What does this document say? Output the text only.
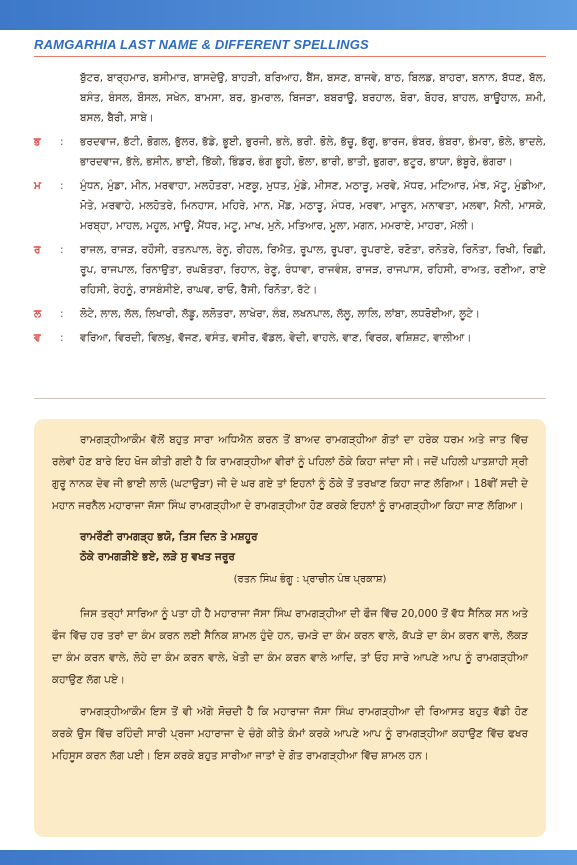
RAMGARHIA LAST NAME & DIFFERENT SPELLINGS
ਬੁੱਟਰ, ਬਾਰ੍ਹਮਾਰ, ਬਸੀਮਾਰ, ਬਾਸਦੇਉ, ਬਾਹੜੀ, ਬਰਿਆਹ, ਬੈਂਸ, ਬਸਣ, ਬਾਜਵੇ, ਬਾਠ, ਬਿਲਡ, ਬਾਹਰਾ, ਬਨਾਨ, ਬੱਧਣ, ਬੱਲ, ਬਸੰਤ, ਬੰਸਲ, ਬੌਸਲ, ਸਖੇਨ, ਬਾਮਸਾ, ਬਰ, ਬੁਮਰਾਲ, ਬਿਜੜਾ, ਬਬਰਾਊ, ਬਰਹਾਲ, ਬੋਰਾ, ਬੋਹਰ, ਬਾਹਲ, ਬਾਊਹਾਲ, ਸ਼ਮੀ, ਬਸਲ, ਬੈਰੀ, ਸਾਬੇ।
ਭ	: ਭਰਦਵਾਜ, ਭੱਟੀ, ਭੋਗਲ, ਭੁੱਲਰ, ਭੱਡੇ, ਭੂਈ, ਭੁਰਜੀ, ਭਲੇ, ਭਰੀ. ਭੋਲੇ, ਭੱਚੂ, ਭੱਗੂ, ਭਾਰਜ, ਭੰਬਰ, ਭੰਬਰਾ, ਭੰਮਰਾ, ਭੋਲੇ, ਭਾਦਲੇ, ਭਾਰਦਵਾਜ, ਭੱਲੇ, ਭਸੀਨ, ਭਾਈ, ਭਿੱਕੀ, ਭਿੰਡਰ, ਭੰਗ ਭੂਹੀ, ਭੋਲਾ, ਭਾਰੀ, ਭਾਤੀ, ਭੁਗਰਾ, ਭਟੂਰ, ਭਾਯਾ, ਭੰਬੂਰੇ, ਭੰਗਰਾ।
ਮ	: ਮੁੰਧਨ, ਮੁੰਡਾ, ਮੀਨ, ਮਰਵਾਹਾ, ਮਲਹੋਤਰਾ, ਮਣਕੂ, ਮੁਧਤ, ਮੁੰਡੇ, ਮੀਸਣ, ਮਠਾੜੂ, ਮਰਵੇ, ਮੱਧਰ, ਮਟਿਆਰ, ਮੰਝ, ਮੱਟੂ, ਮੁੰਡੀਆ, ਮੋਤੇ, ਮਰਵਾਹੇ, ਮਲਹੋਤਰੇ, ਮਿਨਹਾਸ, ਮਹਿਰੇ, ਮਾਨ, ਮੋਂਡ, ਮਠਾੜੂ, ਮੰਧਰ, ਮਰਵਾ, ਮਾਰੂਨ, ਮਨਾਵਤਾ, ਮਲਵਾ, ਮੈਨੀ, ਮਾਸਕੇ, ਮਰਬ੍ਹਾ, ਮਾਹਲ, ਮਹੂਲ, ਮਾਊ, ਮੈਂਧਰ, ਮਟੂ, ਮਾਖ, ਮੁਨੇ, ਮਤਿਆਰ, ਮੂਲਾ, ਮਗਨ, ਮਮਰਾਏ, ਮਾਹਰਾ, ਮੱਲੀ।
ਰ	: ਰਾਜਲ, ਰਾਜੜ, ਰਹੌਸੀ, ਰਤਨਪਾਲ, ਰੇਨੂ, ਰੀਹਲ, ਰਿਐਤ, ਰੂਪਾਲ, ਰੂਪਰਾ, ਰੂਪਰਾਏ, ਰਣੋਤਾ, ਰਨੋਤਰੇ, ਰਿਨੋਤਾ, ਰਿਖੀ, ਰਿਛੀ, ਰੂਪ, ਰਾਜਪਾਲ, ਰਿਨਾਉਤਾ, ਰਘਬੋਤਰਾ, ਰਿਹਾਨ, ਰੇਣੂ, ਰੰਧਾਵਾ, ਰਾਜਵੰਸ਼, ਰਾਜੜ, ਰਾਜਪਾਸ, ਰਹਿਸੀ, ਰਾਅਤ, ਰਣੀਆ, ਰਾਏ ਰਹਿਸੀ, ਰੇਹਨੂੰ, ਰਾਸਬੰਸੀਏ, ਰਾਘਵ, ਰਾਓ, ਰੈਸੀ, ਰਿਨੋਤਾ, ਰੱਟੇ।
ਲ	: ਲੋਟੇ, ਲਾਲ, ਲੱਲ, ਲਿਖਾਰੀ, ਲੱਡੂ, ਲਲੋਤਰਾ, ਲਾਖੇਰਾ, ਲੰਬ, ਲਖਨਪਾਲ, ਲੱਲੂ, ਲਾਲਿ, ਲਾਂਬਾ, ਲਧਰੋਈਆ, ਲੂਟੇ।
ਵ	: ਵਰਿਆ, ਵਿਰਦੀ, ਵਿਲਖੁ, ਵੱਜਣ, ਵਸੰਤ, ਵਸੀਰ, ਵੱਡਲ, ਵੇਦੀ, ਵਾਹਲੇ, ਵਾਣ, ਵਿਰਕ, ਵਸ਼ਿਸ਼ਟ, ਵਾਲੀਆ।

ਰਾਮਗੜ੍ਹੀਆਕੌਮ ਵੱਲੋਂ ਬਹੁਤ ਸਾਰਾ ਅਧਿਐਨ ਕਰਨ ਤੋਂ ਬਾਅਦ ਰਾਮਗੜ੍ਹੀਆ ਗੋਤਾਂ ਦਾ ਹਰੇਕ ਧਰਮ ਅਤੇ ਜਾਤ ਵਿੱਚ ਰਲੇਵਾਂ ਹੋਣ ਬਾਰੇ ਇਹ ਖੋਜ ਕੀਤੀ ਗਈ ਹੈ ਕਿ ਰਾਮਗੜ੍ਹੀਆ ਵੀਰਾਂ ਨੂੰ ਪਹਿਲਾਂ ਠੋਕੇ ਕਿਹਾ ਜਾਂਦਾ ਸੀ। ਜਦੋਂ ਪਹਿਲੀ ਪਾਤਸ਼ਾਹੀ ਸ੍ਰੀ ਗੁਰੂ ਨਾਨਕ ਦੇਵ ਜੀ ਭਾਈ ਲਾਲੋ (ਘਟਾਉੜਾ) ਜੀ ਦੇ ਘਰ ਗਏ ਤਾਂ ਇਹਨਾਂ ਨੂੰ ਠੋਕੇ ਤੋਂ ਤਰਖਾਣ ਕਿਹਾ ਜਾਣ ਲੱਗਿਆ। 18ਵੀਂ ਸਦੀ ਦੇ ਮਹਾਨ ਜਰਨੈਲ ਮਹਾਰਾਜਾ ਜੱਸਾ ਸਿੰਘ ਰਾਮਗੜ੍ਹੀਆ ਦੇ ਰਾਮਗੜ੍ਹੀਆ ਹੋਣ ਕਰਕੇ ਇਹਨਾਂ ਨੂੰ ਰਾਮਗੜ੍ਹੀਆ ਕਿਹਾ ਜਾਣ ਲੱਗਿਆ।

ਰਾਮਰੌਣੀ ਰਾਮਗੜ੍ਹ ਭਯੋ, ਤਿਸ ਦਿਨ ਤੇ ਮਸ਼ਹੂਰ
ਠੋਕੇ ਰਾਮਗੜੀਏ ਭਏ, ਲੜੇ ਸੁ ਵਖਤ ਜਰੂਰ
(ਰਤਨ ਸਿੰਘ ਭੰਗੂ : ਪ੍ਰਾਚੀਨ ਪੰਥ ਪ੍ਰਕਾਸ਼)

ਜਿਸ ਤਰ੍ਹਾਂ ਸਾਰਿਆ ਨੂੰ ਪਤਾ ਹੀ ਹੈ ਮਹਾਰਾਜਾ ਜੱਸਾ ਸਿੰਘ ਰਾਮਗੜ੍ਹੀਆ ਦੀ ਫੌਜ ਵਿੱਚ 20,000 ਤੋਂ ਵੱਧ ਸੈਨਿਕ ਸਨ ਅਤੇ ਫੌਜ ਵਿੱਚ ਹਰ ਤਰਾਂ ਦਾ ਕੰਮ ਕਰਨ ਲਈ ਸੈਨਿਕ ਸ਼ਾਮਲ ਹੁੰਦੇ ਹਨ, ਚਮੜੇ ਦਾ ਕੰਮ ਕਰਨ ਵਾਲੇ, ਕੱਪੜੇ ਦਾ ਕੰਮ ਕਰਨ ਵਾਲੇ, ਲੱਕੜ ਦਾ ਕੰਮ ਕਰਨ ਵਾਲੇ, ਲੋਹੇ ਦਾ ਕੰਮ ਕਰਨ ਵਾਲੇ, ਖੇਤੀ ਦਾ ਕੰਮ ਕਰਨ ਵਾਲੇ ਆਦਿ, ਤਾਂ ਓਹ ਸਾਰੇ ਆਪਣੇ ਆਪ ਨੂੰ ਰਾਮਗੜ੍ਹੀਆ ਕਹਾਉਣ ਲੱਗ ਪਏ।

ਰਾਮਗੜ੍ਹੀਆਕੌਮ ਇਸ ਤੋਂ ਵੀ ਅੱਗੇ ਸੋਚਦੀ ਹੈ ਕਿ ਮਹਾਰਾਜਾ ਜੱਸਾ ਸਿੰਘ ਰਾਮਗੜ੍ਹੀਆ ਦੀ ਰਿਆਸਤ ਬਹੁਤ ਵੱਡੀ ਹੋਣ ਕਰਕੇ ਉਸ ਵਿੱਚ ਰਹਿੰਦੀ ਸਾਰੀ ਪ੍ਰਜਾ ਮਹਾਰਾਜਾ ਦੇ ਚੰਗੇ ਕੀਤੇ ਕੰਮਾਂ ਕਰਕੇ ਆਪਣੇ ਆਪ ਨੂੰ ਰਾਮਗੜ੍ਹੀਆ ਕਹਾਉਣ ਵਿੱਚ ਫਖਰ ਮਹਿਸੂਸ ਕਰਨ ਲੱਗ ਪਈ। ਇਸ ਕਰਕੇ ਬਹੁਤ ਸਾਰੀਆ ਜਾਤਾਂ ਦੇ ਗੋਤ ਰਾਮਗੜ੍ਹੀਆ ਵਿੱਚ ਸ਼ਾਮਲ ਹਨ।
